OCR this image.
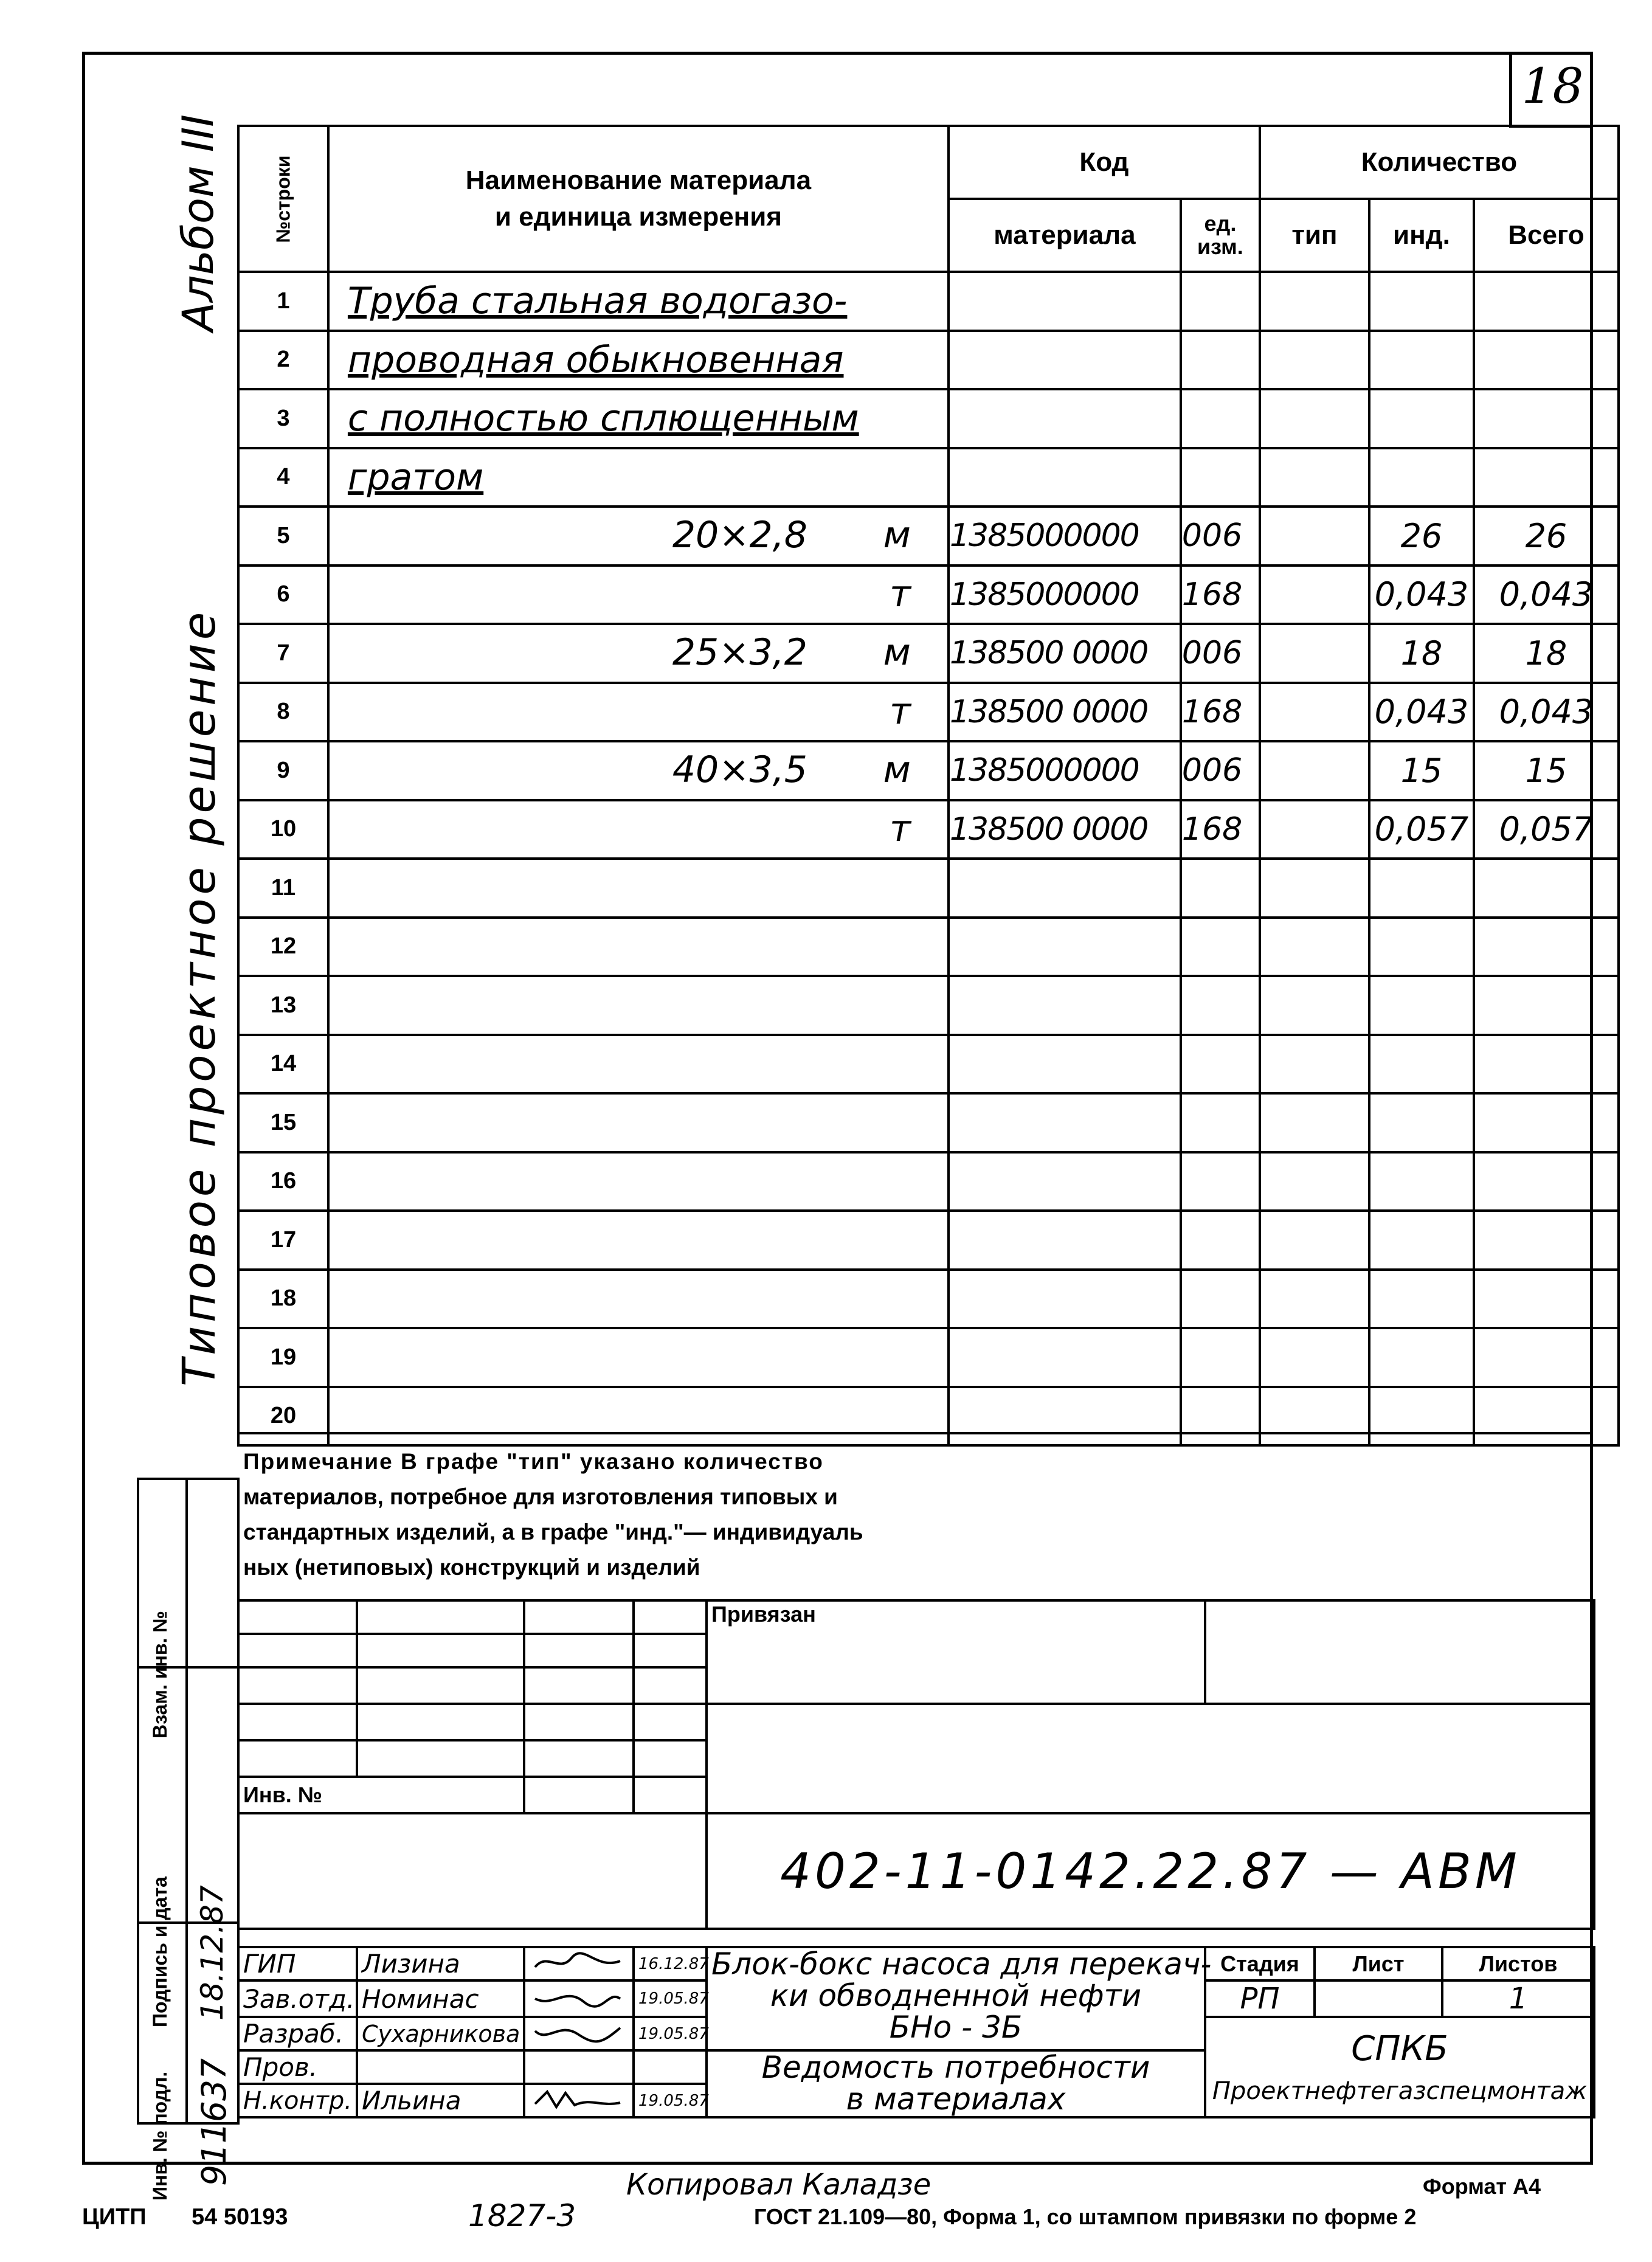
18
Альбом III
Типовое проектное решение
№строки	Наименование материала
и единица измерения	Код		Количество		
		материала	ед. изм.	тип	инд.	Всего
1	Труба стальная водогазо-

2	проводная обыкновенная

3	с полностью сплющенным

4	гратом

5	20×2,8 м	1385000000	006		26	26
6	т	1385000000	168		0,043	0,043
7	25×3,2 м	138500 0000	006		18	18
8	т	138500 0000	168		0,043	0,043
9	40×3,5 м	1385000000	006		15	15
10	т	138500 0000	168		0,057	0,057
11	

12	

13	

14	

15	

16	

17	

18	

19	

20	

Примечание В графе "тип" указано количество
материалов, потребное для изготовления типовых и
стандартных изделий, а в графе "инд."— индивидуаль
ных (нетиповых) конструкций и изделий
Взам. инв. №	

Подпись и дата	18.12.87

Инв. № подл.	911637
				Привязан	

Инв. №					
				402-11-0142.22.87 — АВМ	
ГИП	Лизина		16.12.87	Блок-бокс насоса для перекач-
ки обводненной нефти
БНо - 3Б	Стадия	Лист	Листов
Зав.отд.	Номинас		19.05.87		РП		1
Разраб.	Сухарникова		19.05.87		СПКБ
Проектнефтегазспецмонтаж		

Пров.				Ведомость потребности
в материалах			

Н.контр.	Ильина		19.05.87				
Копировал Каладзе	Формат А4
ЦИТП 54 50193	1827-3	ГОСТ 21.109—80, Форма 1, со штампом привязки по форме 2
